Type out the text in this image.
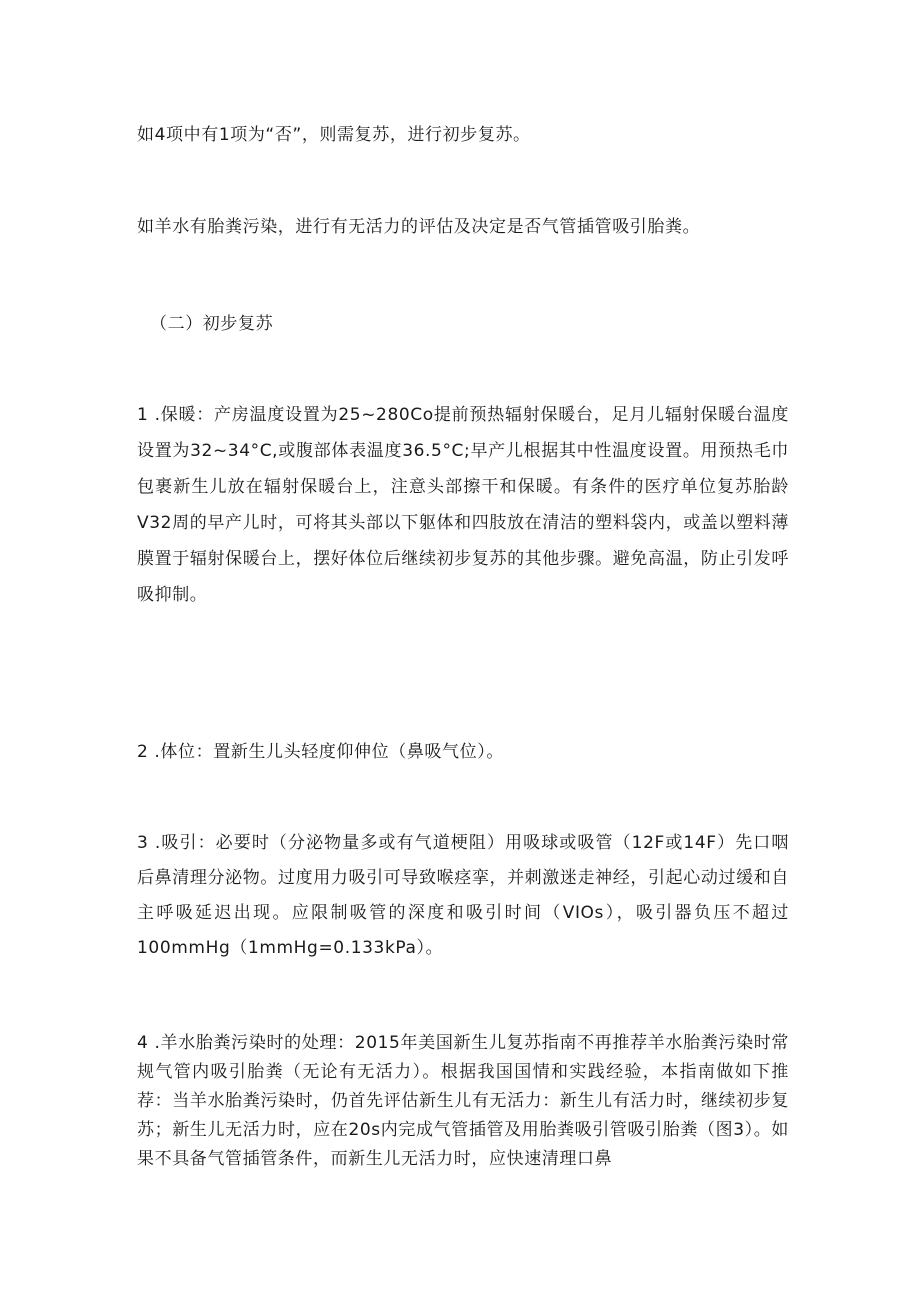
如4项中有1项为“否”，则需复苏，进行初步复苏。

如羊水有胎粪污染，进行有无活力的评估及决定是否气管插管吸引胎粪。

（二）初步复苏

1 .保暖：产房温度设置为25~280Co提前预热辐射保暖台，足月儿辐射保暖台温度设置为32~34°C,或腹部体表温度36.5°C;早产儿根据其中性温度设置。用预热毛巾包裹新生儿放在辐射保暖台上，注意头部擦干和保暖。有条件的医疗单位复苏胎龄V32周的早产儿时，可将其头部以下躯体和四肢放在清洁的塑料袋内，或盖以塑料薄膜置于辐射保暖台上，摆好体位后继续初步复苏的其他步骤。避免高温，防止引发呼吸抑制。

2 .体位：置新生儿头轻度仰伸位（鼻吸气位）。

3 .吸引：必要时（分泌物量多或有气道梗阻）用吸球或吸管（12F或14F）先口咽后鼻清理分泌物。过度用力吸引可导致喉痉挛，并刺激迷走神经，引起心动过缓和自主呼吸延迟出现。应限制吸管的深度和吸引时间（VIOs），吸引器负压不超过100mmHg（1mmHg=0.133kPa）。

4 .羊水胎粪污染时的处理：2015年美国新生儿复苏指南不再推荐羊水胎粪污染时常规气管内吸引胎粪（无论有无活力）。根据我国国情和实践经验，本指南做如下推荐：当羊水胎粪污染时，仍首先评估新生儿有无活力：新生儿有活力时，继续初步复苏；新生儿无活力时，应在20s内完成气管插管及用胎粪吸引管吸引胎粪（图3）。如果不具备气管插管条件，而新生儿无活力时，应快速清理口鼻
